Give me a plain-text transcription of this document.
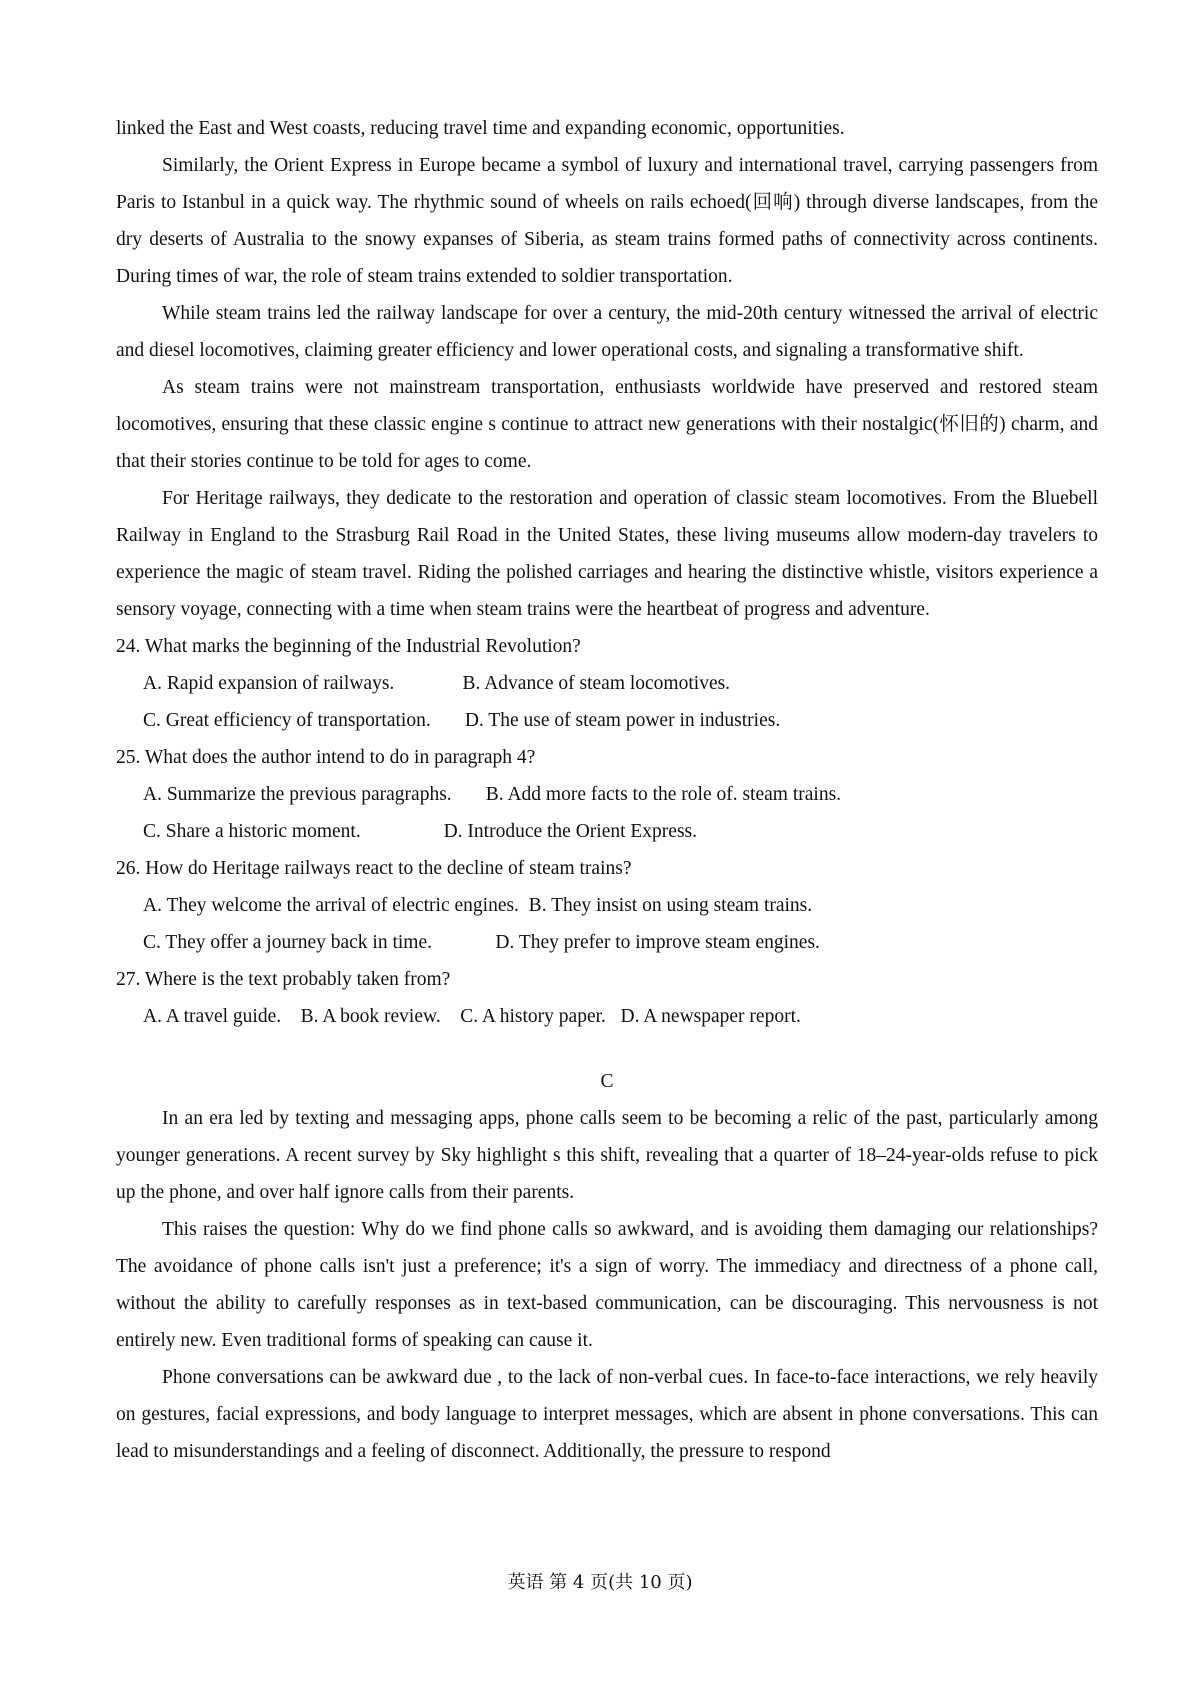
linked the East and West coasts, reducing travel time and expanding economic, opportunities.

Similarly, the Orient Express in Europe became a symbol of luxury and international travel, carrying passengers from Paris to Istanbul in a quick way. The rhythmic sound of wheels on rails echoed(回响) through diverse landscapes, from the dry deserts of Australia to the snowy expanses of Siberia, as steam trains formed paths of connectivity across continents. During times of war, the role of steam trains extended to soldier transportation.

While steam trains led the railway landscape for over a century, the mid-20th century witnessed the arrival of electric and diesel locomotives, claiming greater efficiency and lower operational costs, and signaling a transformative shift.

As steam trains were not mainstream transportation, enthusiasts worldwide have preserved and restored steam locomotives, ensuring that these classic engine s continue to attract new generations with their nostalgic(怀旧的) charm, and that their stories continue to be told for ages to come.

For Heritage railways, they dedicate to the restoration and operation of classic steam locomotives. From the Bluebell Railway in England to the Strasburg Rail Road in the United States, these living museums allow modern-day travelers to experience the magic of steam travel. Riding the polished carriages and hearing the distinctive whistle, visitors experience a sensory voyage, connecting with a time when steam trains were the heartbeat of progress and adventure.

24. What marks the beginning of the Industrial Revolution?

A. Rapid expansion of railways.              B. Advance of steam locomotives.

C. Great efficiency of transportation.       D. The use of steam power in industries.

25. What does the author intend to do in paragraph 4?

A. Summarize the previous paragraphs.       B. Add more facts to the role of. steam trains.

C. Share a historic moment.                 D. Introduce the Orient Express.

26. How do Heritage railways react to the decline of steam trains?

A. They welcome the arrival of electric engines.  B. They insist on using steam trains.

C. They offer a journey back in time.             D. They prefer to improve steam engines.

27. Where is the text probably taken from?

A. A travel guide.    B. A book review.    C. A history paper.   D. A newspaper report.

C

In an era led by texting and messaging apps, phone calls seem to be becoming a relic of the past, particularly among younger generations. A recent survey by Sky highlight s this shift, revealing that a quarter of 18–24-year-olds refuse to pick up the phone, and over half ignore calls from their parents.

This raises the question: Why do we find phone calls so awkward, and is avoiding them damaging our relationships? The avoidance of phone calls isn't just a preference; it's a sign of worry. The immediacy and directness of a phone call, without the ability to carefully responses as in text-based communication, can be discouraging. This nervousness is not entirely new. Even traditional forms of speaking can cause it.

Phone conversations can be awkward due , to the lack of non-verbal cues. In face-to-face interactions, we rely heavily on gestures, facial expressions, and body language to interpret messages, which are absent in phone conversations. This can lead to misunderstandings and a feeling of disconnect. Additionally, the pressure to respond

英语 第 4 页(共 10 页)
